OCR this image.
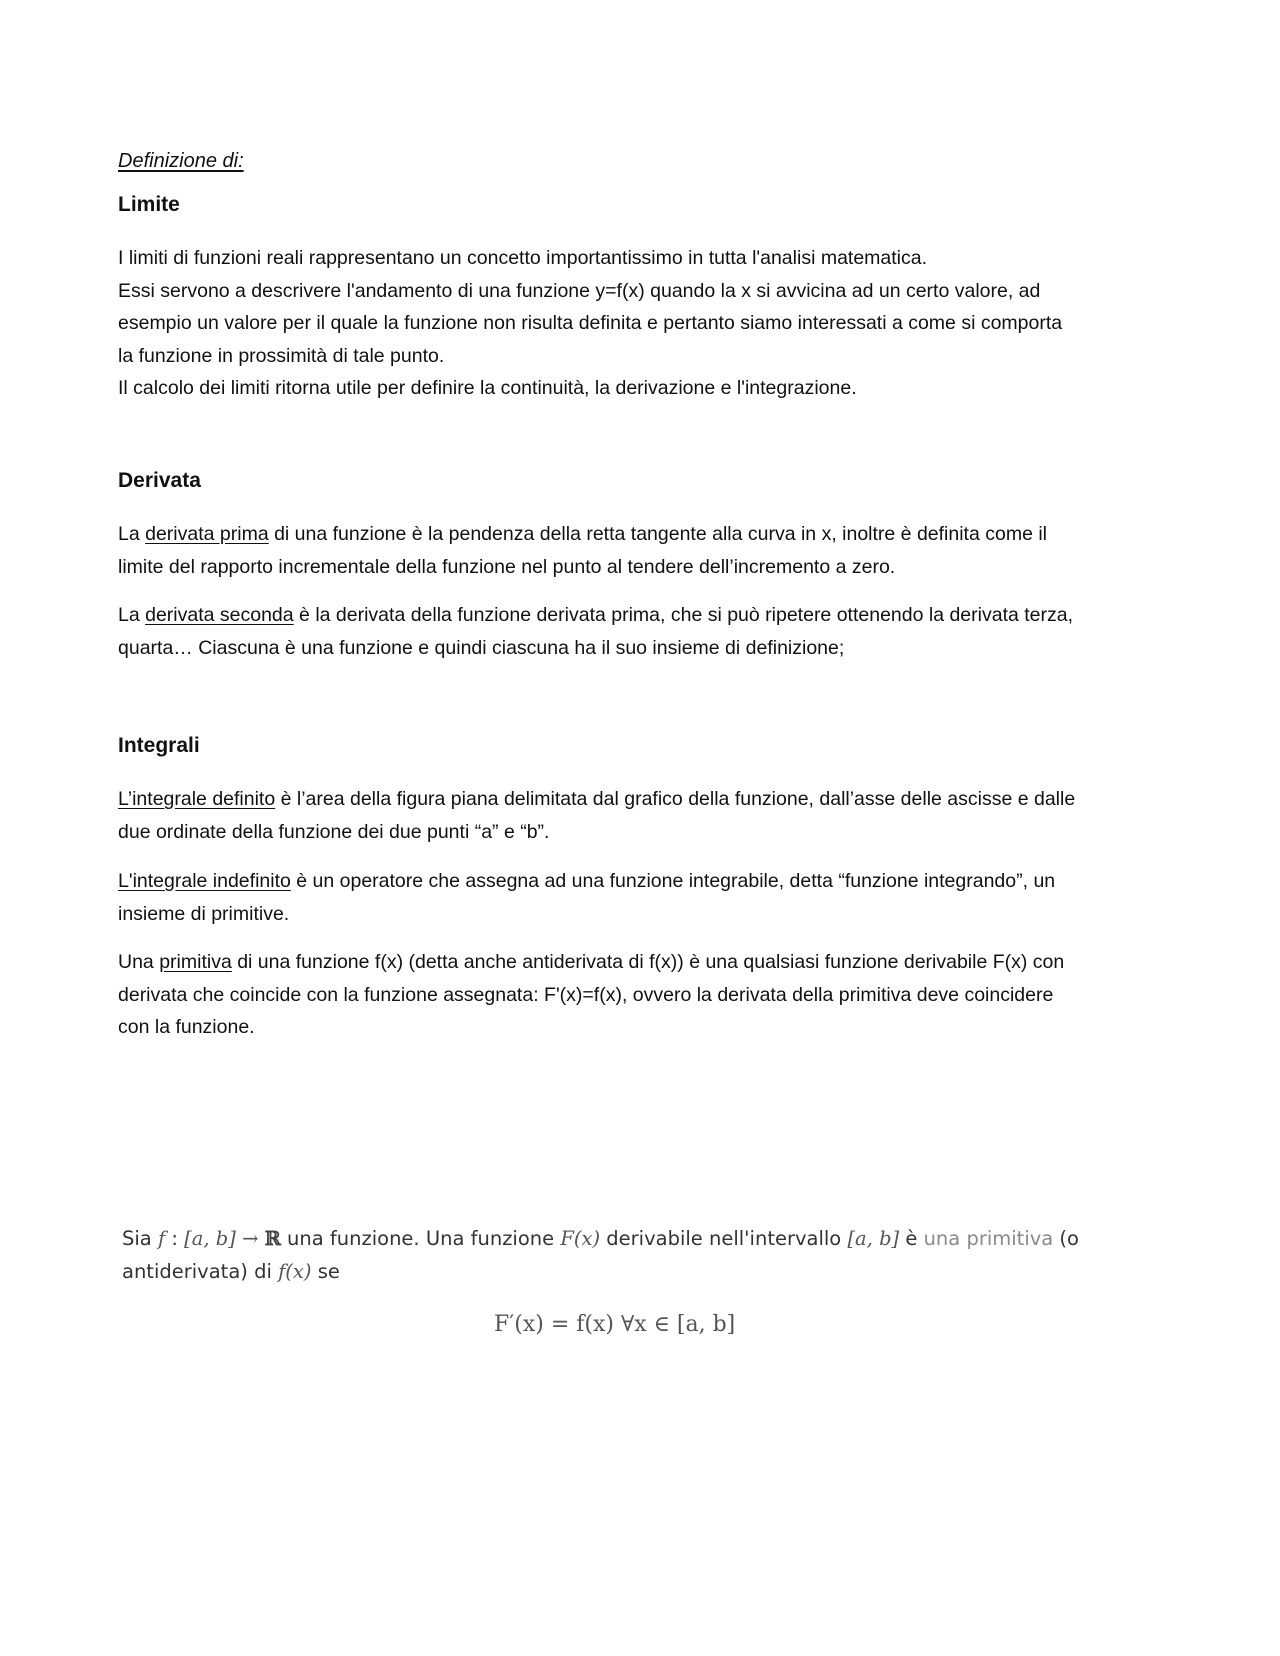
Definizione di:
Limite

I limiti di funzioni reali rappresentano un concetto importantissimo in tutta l'analisi matematica.
Essi servono a descrivere l'andamento di una funzione y=f(x) quando la x si avvicina ad un certo valore, ad
esempio un valore per il quale la funzione non risulta definita e pertanto siamo interessati a come si comporta
la funzione in prossimità di tale punto.
Il calcolo dei limiti ritorna utile per definire la continuità, la derivazione e l'integrazione.

Derivata

La derivata prima di una funzione è la pendenza della retta tangente alla curva in x, inoltre è definita come il
limite del rapporto incrementale della funzione nel punto al tendere dell’incremento a zero.

La derivata seconda è la derivata della funzione derivata prima, che si può ripetere ottenendo la derivata terza,
quarta… Ciascuna è una funzione e quindi ciascuna ha il suo insieme di definizione;

Integrali

L’integrale definito è l’area della figura piana delimitata dal grafico della funzione, dall’asse delle ascisse e dalle
due ordinate della funzione dei due punti “a” e “b”.

L'integrale indefinito è un operatore che assegna ad una funzione integrabile, detta “funzione integrando”, un
insieme di primitive.

Una primitiva di una funzione f(x) (detta anche antiderivata di f(x)) è una qualsiasi funzione derivabile F(x) con
derivata che coincide con la funzione assegnata: F'(x)=f(x), ovvero la derivata della primitiva deve coincidere
con la funzione.

Sia f : [a, b] → ℝ una funzione. Una funzione F(x) derivabile nell'intervallo [a, b] è una primitiva (o
antiderivata) di f(x) se
F′(x) = f(x) ∀x ∈ [a, b]
